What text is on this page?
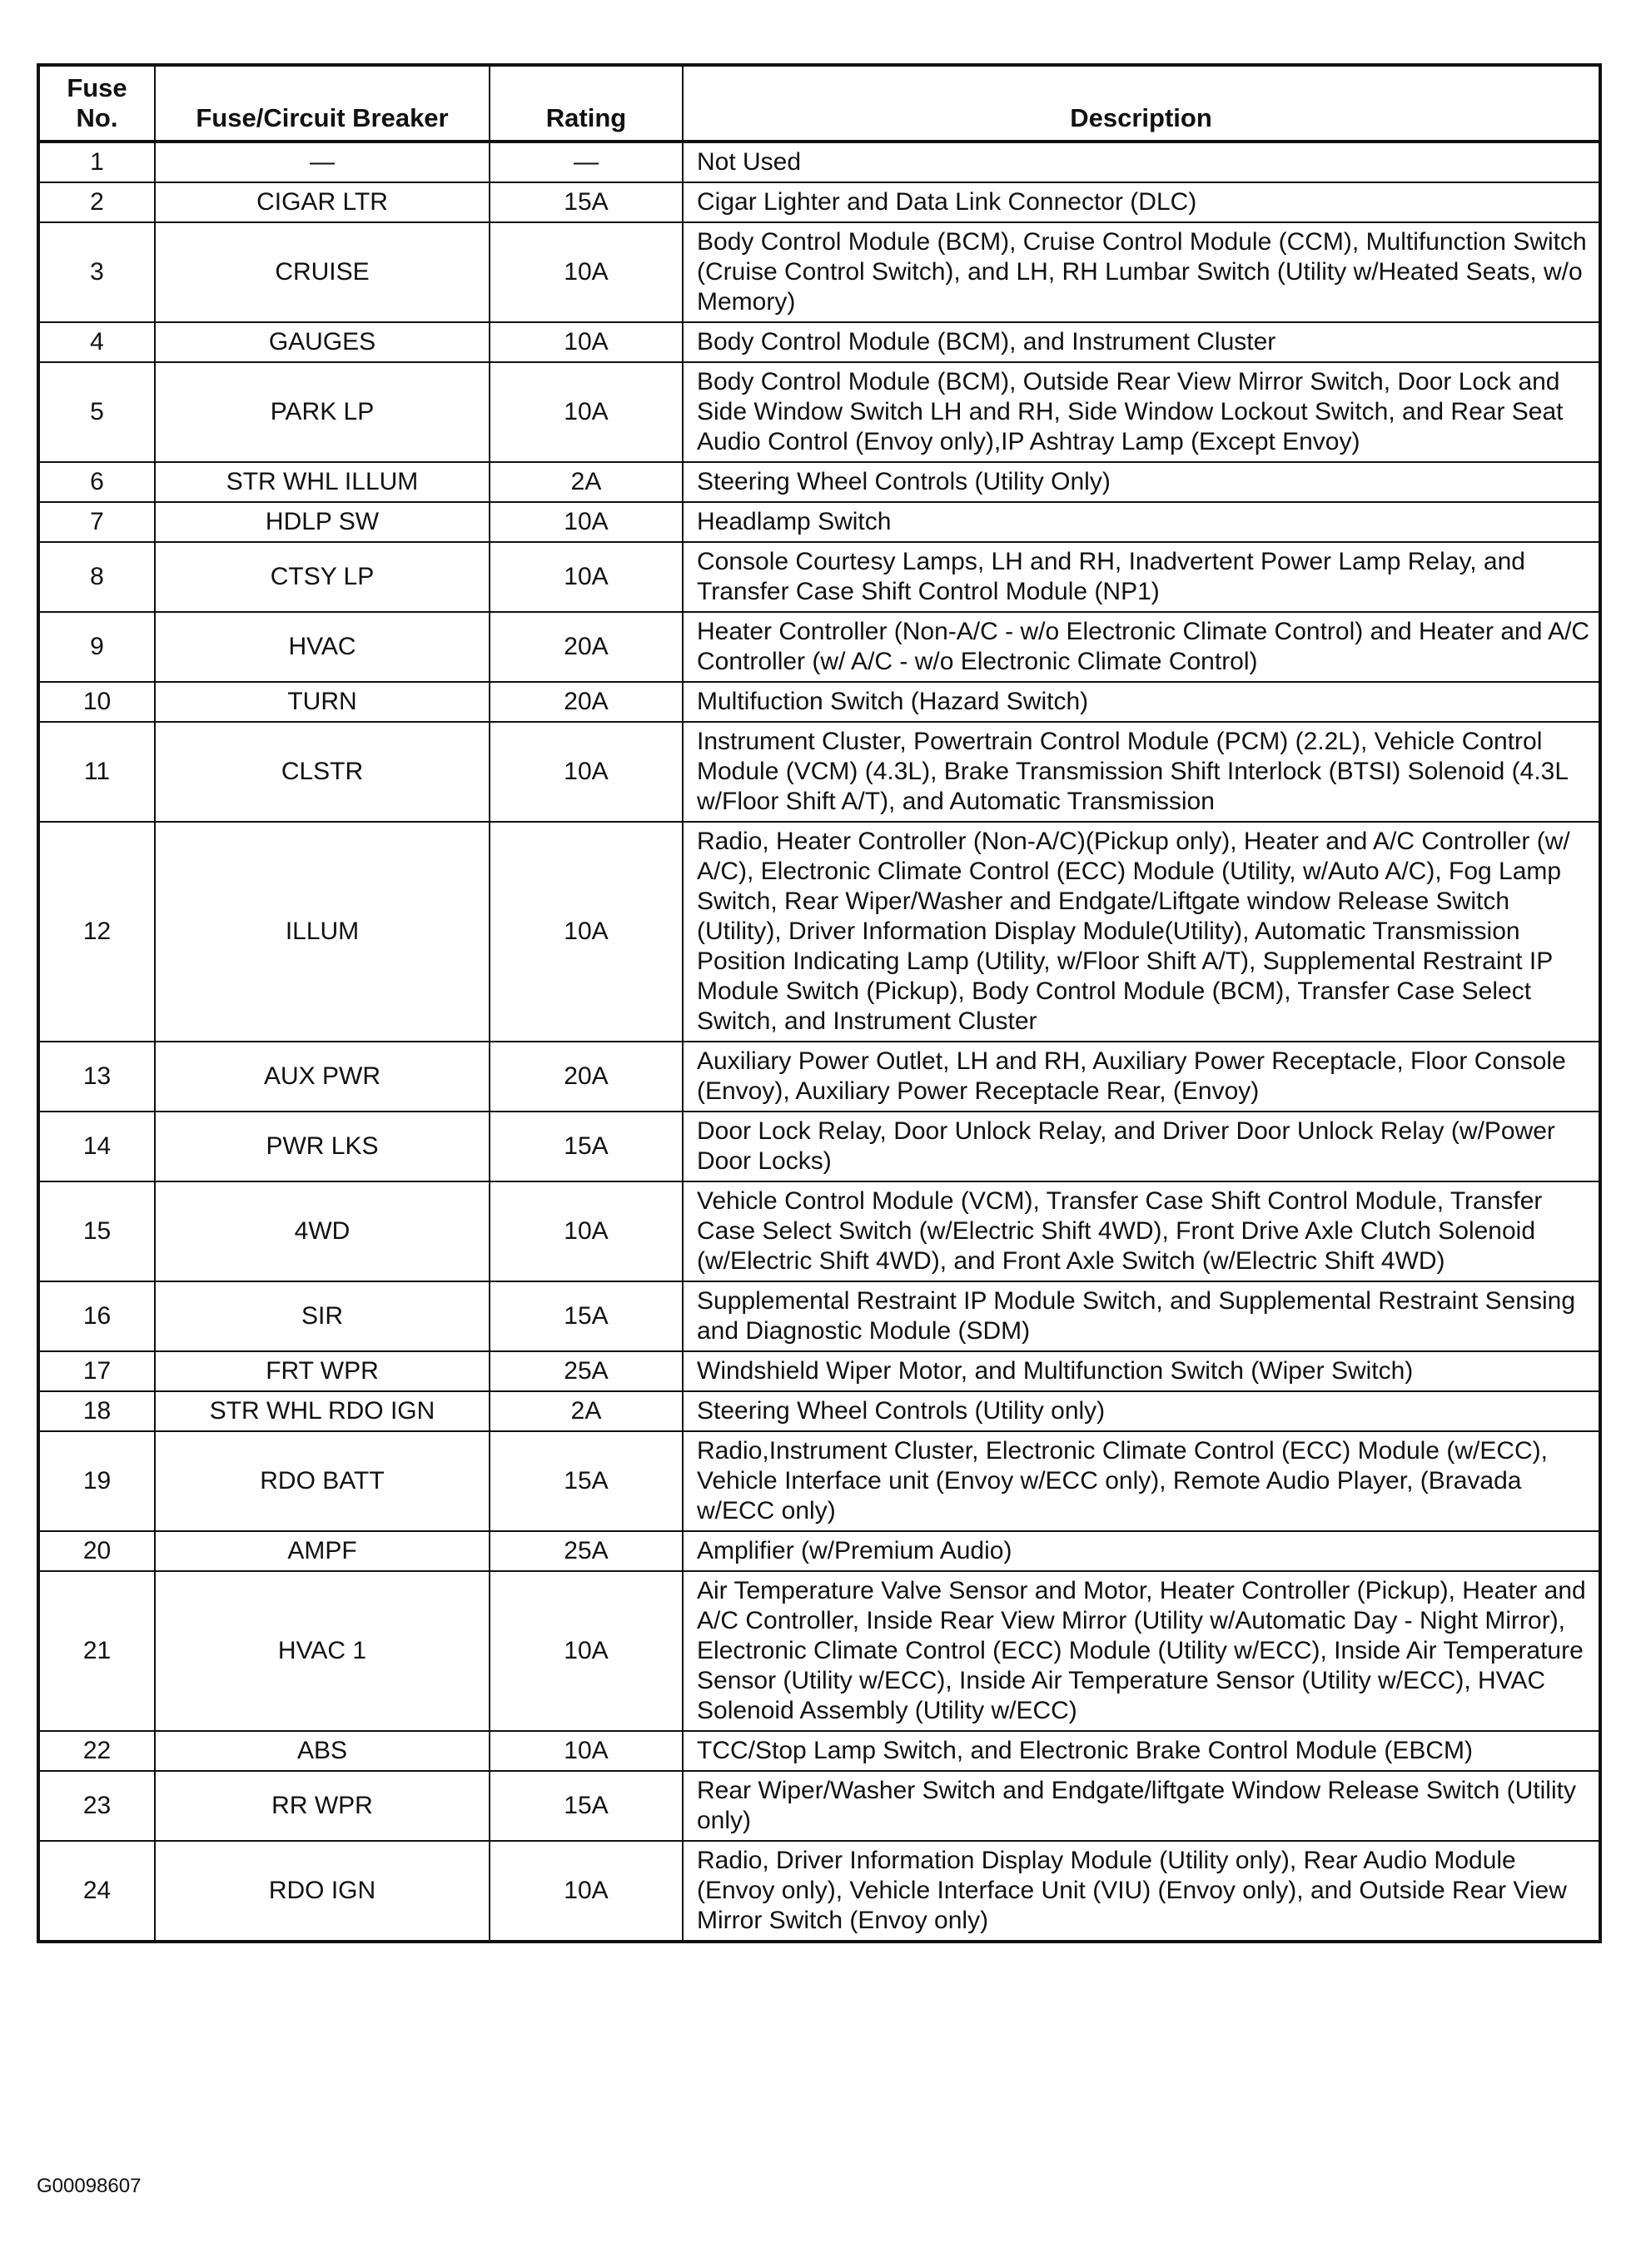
Fuse
No.	Fuse/Circuit Breaker	Rating	Description
1	—	—	Not Used
2	CIGAR LTR	15A	Cigar Lighter and Data Link Connector (DLC)
3	CRUISE	10A	Body Control Module (BCM), Cruise Control Module (CCM), Multifunction Switch (Cruise Control Switch), and LH, RH Lumbar Switch (Utility w/Heated Seats, w/o Memory)
4	GAUGES	10A	Body Control Module (BCM), and Instrument Cluster
5	PARK LP	10A	Body Control Module (BCM), Outside Rear View Mirror Switch, Door Lock and Side Window Switch LH and RH, Side Window Lockout Switch, and Rear Seat Audio Control (Envoy only),IP Ashtray Lamp (Except Envoy)
6	STR WHL ILLUM	2A	Steering Wheel Controls (Utility Only)
7	HDLP SW	10A	Headlamp Switch
8	CTSY LP	10A	Console Courtesy Lamps, LH and RH, Inadvertent Power Lamp Relay, and Transfer Case Shift Control Module (NP1)
9	HVAC	20A	Heater Controller (Non-A/C - w/o Electronic Climate Control) and Heater and A/C Controller (w/ A/C - w/o Electronic Climate Control)
10	TURN	20A	Multifuction Switch (Hazard Switch)
11	CLSTR	10A	Instrument Cluster, Powertrain Control Module (PCM) (2.2L), Vehicle Control Module (VCM) (4.3L), Brake Transmission Shift Interlock (BTSI) Solenoid (4.3L w/Floor Shift A/T), and Automatic Transmission
12	ILLUM	10A	Radio, Heater Controller (Non-A/C)(Pickup only), Heater and A/C Controller (w/ A/C), Electronic Climate Control (ECC) Module (Utility, w/Auto A/C), Fog Lamp Switch, Rear Wiper/Washer and Endgate/Liftgate window Release Switch (Utility), Driver Information Display Module(Utility), Automatic Transmission Position Indicating Lamp (Utility, w/Floor Shift A/T), Supplemental Restraint IP Module Switch (Pickup), Body Control Module (BCM), Transfer Case Select Switch, and Instrument Cluster
13	AUX PWR	20A	Auxiliary Power Outlet, LH and RH, Auxiliary Power Receptacle, Floor Console (Envoy), Auxiliary Power Receptacle Rear, (Envoy)
14	PWR LKS	15A	Door Lock Relay, Door Unlock Relay, and Driver Door Unlock Relay (w/Power Door Locks)
15	4WD	10A	Vehicle Control Module (VCM), Transfer Case Shift Control Module, Transfer Case Select Switch (w/Electric Shift 4WD), Front Drive Axle Clutch Solenoid (w/Electric Shift 4WD), and Front Axle Switch (w/Electric Shift 4WD)
16	SIR	15A	Supplemental Restraint IP Module Switch, and Supplemental Restraint Sensing and Diagnostic Module (SDM)
17	FRT WPR	25A	Windshield Wiper Motor, and Multifunction Switch (Wiper Switch)
18	STR WHL RDO IGN	2A	Steering Wheel Controls (Utility only)
19	RDO BATT	15A	Radio,Instrument Cluster, Electronic Climate Control (ECC) Module (w/ECC), Vehicle Interface unit (Envoy w/ECC only), Remote Audio Player, (Bravada w/ECC only)
20	AMPF	25A	Amplifier (w/Premium Audio)
21	HVAC 1	10A	Air Temperature Valve Sensor and Motor, Heater Controller (Pickup), Heater and A/C Controller, Inside Rear View Mirror (Utility w/Automatic Day - Night Mirror), Electronic Climate Control (ECC) Module (Utility w/ECC), Inside Air Temperature Sensor (Utility w/ECC), Inside Air Temperature Sensor (Utility w/ECC), HVAC Solenoid Assembly (Utility w/ECC)
22	ABS	10A	TCC/Stop Lamp Switch, and Electronic Brake Control Module (EBCM)
23	RR WPR	15A	Rear Wiper/Washer Switch and Endgate/liftgate Window Release Switch (Utility only)
24	RDO IGN	10A	Radio, Driver Information Display Module (Utility only), Rear Audio Module (Envoy only), Vehicle Interface Unit (VIU) (Envoy only), and Outside Rear View Mirror Switch (Envoy only)
G00098607
